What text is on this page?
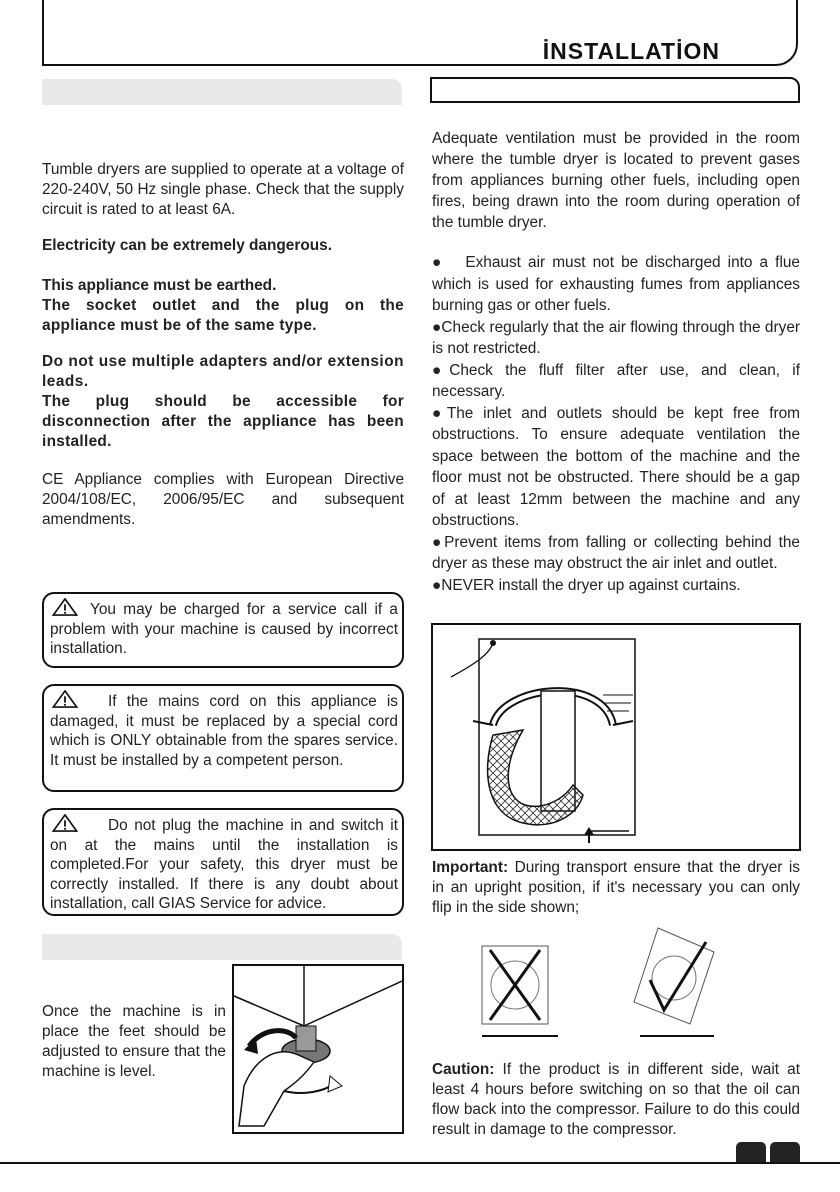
İNSTALLATİON
Tumble dryers are supplied to operate at a voltage of 220-240V, 50 Hz single phase. Check that the supply circuit is rated to at least 6A.
Electricity can be extremely dangerous.
This appliance must be earthed.
The socket outlet and the plug on the appliance must be of the same type.
Do not use multiple adapters and/or extension leads.
The plug should be accessible for disconnection after the appliance has been installed.
CE Appliance complies with European Directive 2004/108/EC, 2006/95/EC and subsequent amendments.
You may be charged for a service call if a problem with your machine is caused by incorrect installation.
If the mains cord on this appliance is damaged, it must be replaced by a special cord which is ONLY obtainable from the spares service. It must be installed by a competent person.
Do not plug the machine in and switch it on at the mains until the installation is completed.For your safety, this dryer must be correctly installed. If there is any doubt about installation, call GIAS Service for advice.
Once the machine is in place the feet should be adjusted to ensure that the machine is level.
Adequate ventilation must be provided in the room where the tumble dryer is located to prevent gases from appliances burning other fuels, including open fires, being drawn into the room during operation of the tumble dryer.
●   Exhaust air must not be discharged into a flue which is used for exhausting fumes from appliances burning gas or other fuels.
●Check regularly that the air flowing through the dryer is not restricted.
●Check the fluff filter after use, and clean, if necessary.
●The inlet and outlets should be kept free from obstructions. To ensure adequate ventilation the space between the bottom of the machine and the floor must not be obstructed. There should be a gap of at least 12mm between the machine and any obstructions.
●Prevent items from falling or collecting behind the dryer as these may obstruct the air inlet and outlet.
●NEVER install the dryer up against curtains.
Important: During transport ensure that the dryer is in an upright position, if it's necessary you can only flip in the side shown;
Caution: If the product is in different side, wait at least 4 hours before switching on so that the oil can flow back into the compressor. Failure to do this could result in damage to the compressor.
